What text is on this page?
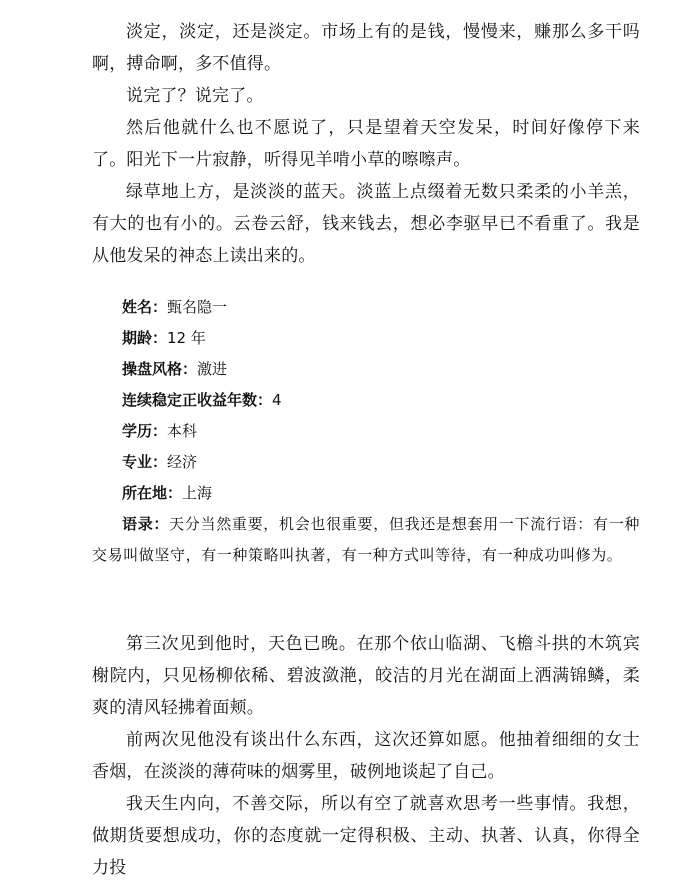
淡定，淡定，还是淡定。市场上有的是钱，慢慢来，赚那么多干吗啊，搏命啊，多不值得。

说完了？说完了。

然后他就什么也不愿说了，只是望着天空发呆，时间好像停下来了。阳光下一片寂静，听得见羊啃小草的嚓嚓声。

绿草地上方，是淡淡的蓝天。淡蓝上点缀着无数只柔柔的小羊羔，有大的也有小的。云卷云舒，钱来钱去，想必李驱早已不看重了。我是从他发呆的神态上读出来的。

姓名：甄名隐一

期龄：12 年

操盘风格：激进

连续稳定正收益年数：4

学历：本科

专业：经济

所在地：上海

语录：天分当然重要，机会也很重要，但我还是想套用一下流行语：有一种交易叫做坚守，有一种策略叫执著，有一种方式叫等待，有一种成功叫修为。

第三次见到他时，天色已晚。在那个依山临湖、飞檐斗拱的木筑宾榭院内，只见杨柳依稀、碧波潋滟，皎洁的月光在湖面上洒满锦鳞，柔爽的清风轻拂着面颊。

前两次见他没有谈出什么东西，这次还算如愿。他抽着细细的女士香烟，在淡淡的薄荷味的烟雾里，破例地谈起了自己。

我天生内向，不善交际，所以有空了就喜欢思考一些事情。我想，做期货要想成功，你的态度就一定得积极、主动、执著、认真，你得全力投
